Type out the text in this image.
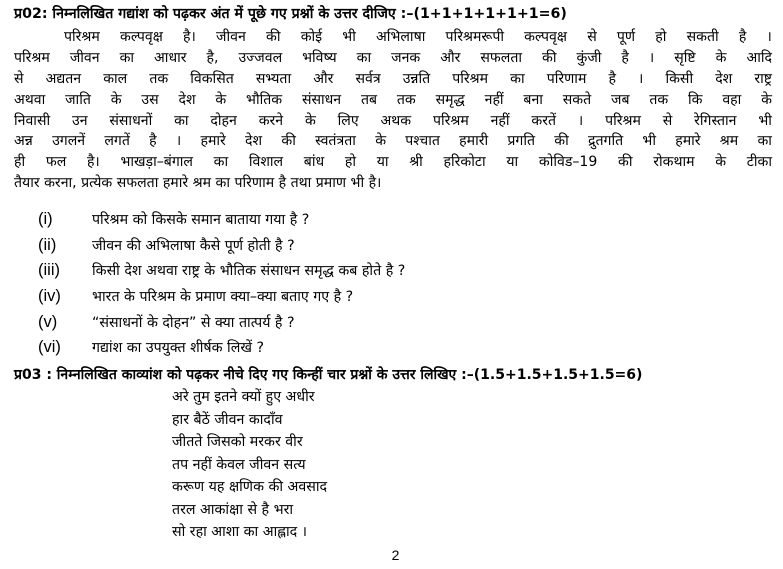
प्र02: निम्नलिखित गद्यांश को पढ़कर अंत में पूछे गए प्रश्नों के उत्तर दीजिए :–(1+1+1+1+1+1=6)
परिश्रम कल्पवृक्ष है। जीवन की कोई भी अभिलाषा परिश्रमरूपी कल्पवृक्ष से पूर्ण हो सकती है ।
परिश्रम जीवन का आधार है, उज्जवल भविष्य का जनक और सफलता की कुंजी है । सृष्टि के आदि
से अद्यतन काल तक विकसित सभ्यता और सर्वत्र उन्नति परिश्रम का परिणाम है । किसी देश राष्ट्र
अथवा जाति के उस देश के भौतिक संसाधन तब तक समृद्ध नहीं बना सकते जब तक कि वहा के
निवासी उन संसाधनों का दोहन करने के लिए अथक परिश्रम नहीं करतें । परिश्रम से रेगिस्तान भी
अन्न उगलनें लगतें है । हमारे देश की स्वतंत्रता के पश्चात हमारी प्रगति की द्रुतगति भी हमारे श्रम का
ही फल है। भाखड़ा–बंगाल का विशाल बांध हो या श्री हरिकोटा या कोविड–19 की रोकथाम के टीका
तैयार करना, प्रत्येक सफलता हमारे श्रम का परिणाम है तथा प्रमाण भी है।
(i)	परिश्रम को किसके समान बाताया गया है ?
(ii)	जीवन की अभिलाषा कैसे पूर्ण होती है ?
(iii)	किसी देश अथवा राष्ट्र के भौतिक संसाधन समृद्ध कब होते है ?
(iv)	भारत के परिश्रम के प्रमाण क्या–क्या बताए गए है ?
(v)	“संसाधनों के दोहन” से क्या तात्पर्य है ?
(vi)	गद्यांश का उपयुक्त शीर्षक लिखें ?
प्र03 : निम्नलिखित काव्यांश को पढ़कर नीचे दिए गए किन्हीं चार प्रश्नों के उत्तर लिखिए :–(1.5+1.5+1.5+1.5=6)
अरे तुम इतने क्यों हुए अधीर
हार बैठें जीवन कादाँव
जीतते जिसको मरकर वीर
तप नहीं केवल जीवन सत्य
करूण यह क्षणिक की अवसाद
तरल आकांक्षा से है भरा
सो रहा आशा का आह्लाद ।
2
